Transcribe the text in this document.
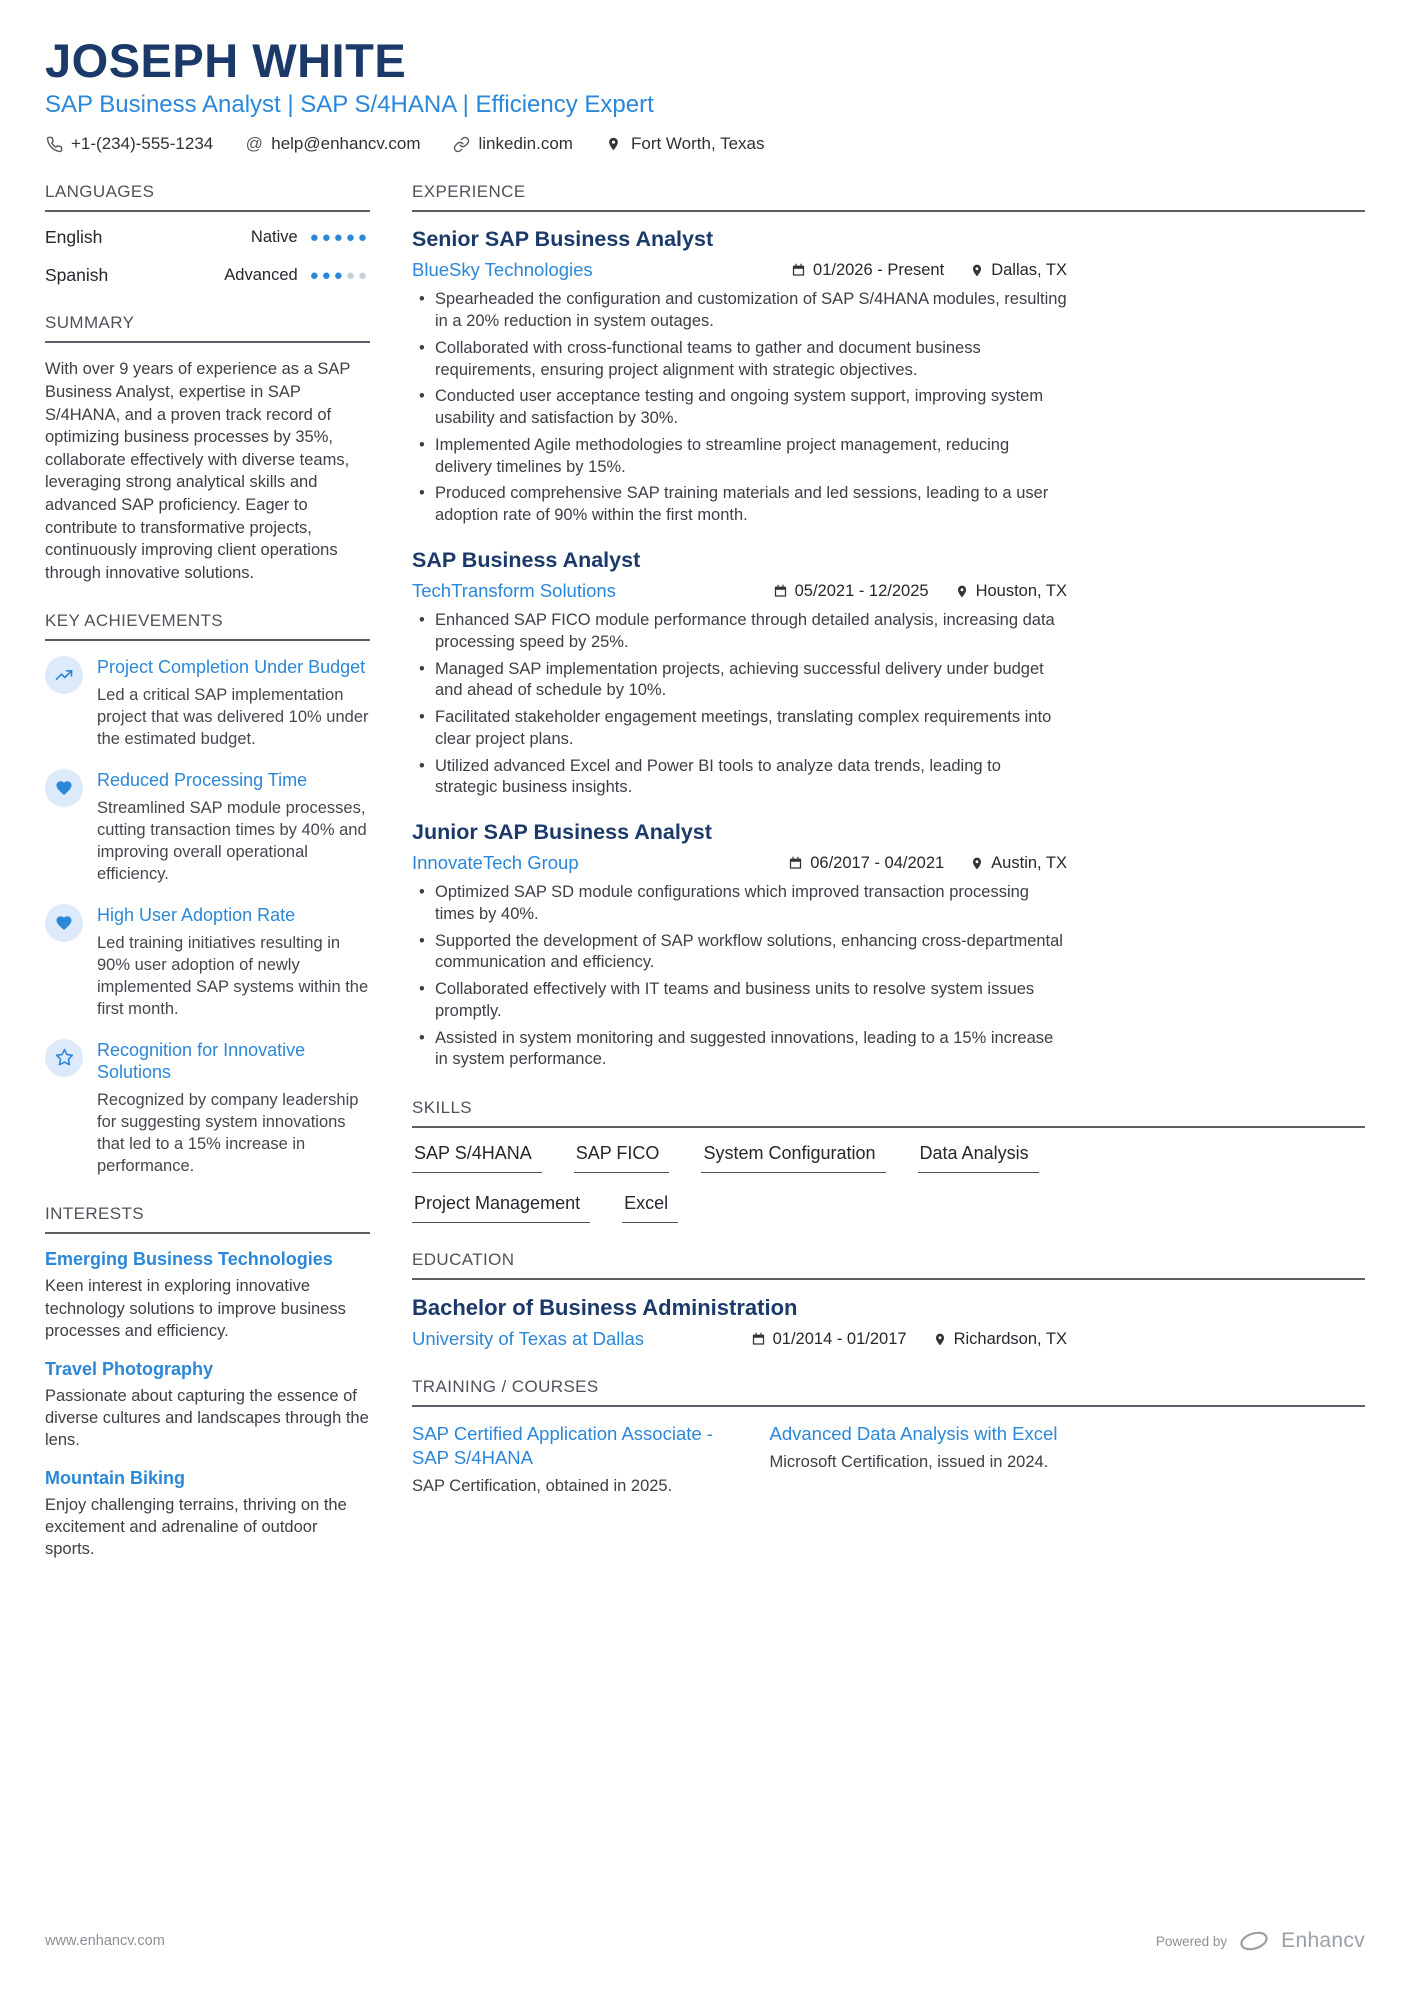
JOSEPH WHITE
SAP Business Analyst | SAP S/4HANA | Efficiency Expert
+1-(234)-555-1234 @ help@enhancv.com	linkedin.com	Fort Worth, Texas
LANGUAGES
English	Native ●●●●●
Spanish	Advanced ●●●●●
SUMMARY

With over 9 years of experience as a SAP Business Analyst, expertise in SAP S/4HANA, and a proven track record of optimizing business processes by 35%, collaborate effectively with diverse teams, leveraging strong analytical skills and advanced SAP proficiency. Eager to contribute to transformative projects, continuously improving client operations through innovative solutions.

KEY ACHIEVEMENTS
Project Completion Under Budget
Led a critical SAP implementation project that was delivered 10% under the estimated budget.
Reduced Processing Time
Streamlined SAP module processes, cutting transaction times by 40% and improving overall operational efficiency.
High User Adoption Rate
Led training initiatives resulting in 90% user adoption of newly implemented SAP systems within the first month.
Recognition for Innovative Solutions
Recognized by company leadership for suggesting system innovations that led to a 15% increase in performance.
INTERESTS
Emerging Business Technologies
Keen interest in exploring innovative technology solutions to improve business processes and efficiency.
Travel Photography
Passionate about capturing the essence of diverse cultures and landscapes through the lens.
Mountain Biking
Enjoy challenging terrains, thriving on the excitement and adrenaline of outdoor sports.
EXPERIENCE
Senior SAP Business Analyst
BlueSky Technologies	01/2026 - Present	Dallas, TX
• Spearheaded the configuration and customization of SAP S/4HANA modules, resulting in a 20% reduction in system outages.
• Collaborated with cross-functional teams to gather and document business requirements, ensuring project alignment with strategic objectives.
• Conducted user acceptance testing and ongoing system support, improving system usability and satisfaction by 30%.
• Implemented Agile methodologies to streamline project management, reducing delivery timelines by 15%.
• Produced comprehensive SAP training materials and led sessions, leading to a user adoption rate of 90% within the first month.
SAP Business Analyst
TechTransform Solutions	05/2021 - 12/2025	Houston, TX
• Enhanced SAP FICO module performance through detailed analysis, increasing data processing speed by 25%.
• Managed SAP implementation projects, achieving successful delivery under budget and ahead of schedule by 10%.
• Facilitated stakeholder engagement meetings, translating complex requirements into clear project plans.
• Utilized advanced Excel and Power BI tools to analyze data trends, leading to strategic business insights.
Junior SAP Business Analyst
InnovateTech Group	06/2017 - 04/2021	Austin, TX
• Optimized SAP SD module configurations which improved transaction processing times by 40%.
• Supported the development of SAP workflow solutions, enhancing cross-departmental communication and efficiency.
• Collaborated effectively with IT teams and business units to resolve system issues promptly.
• Assisted in system monitoring and suggested innovations, leading to a 15% increase in system performance.
SKILLS
SAP S/4HANA	SAP FICO	System Configuration	Data Analysis
Project Management	Excel
EDUCATION
Bachelor of Business Administration
University of Texas at Dallas	01/2014 - 01/2017	Richardson, TX
TRAINING / COURSES
SAP Certified Application Associate - SAP S/4HANA
SAP Certification, obtained in 2025.
Advanced Data Analysis with Excel
Microsoft Certification, issued in 2024.
www.enhancv.com	Powered by	Enhancv
